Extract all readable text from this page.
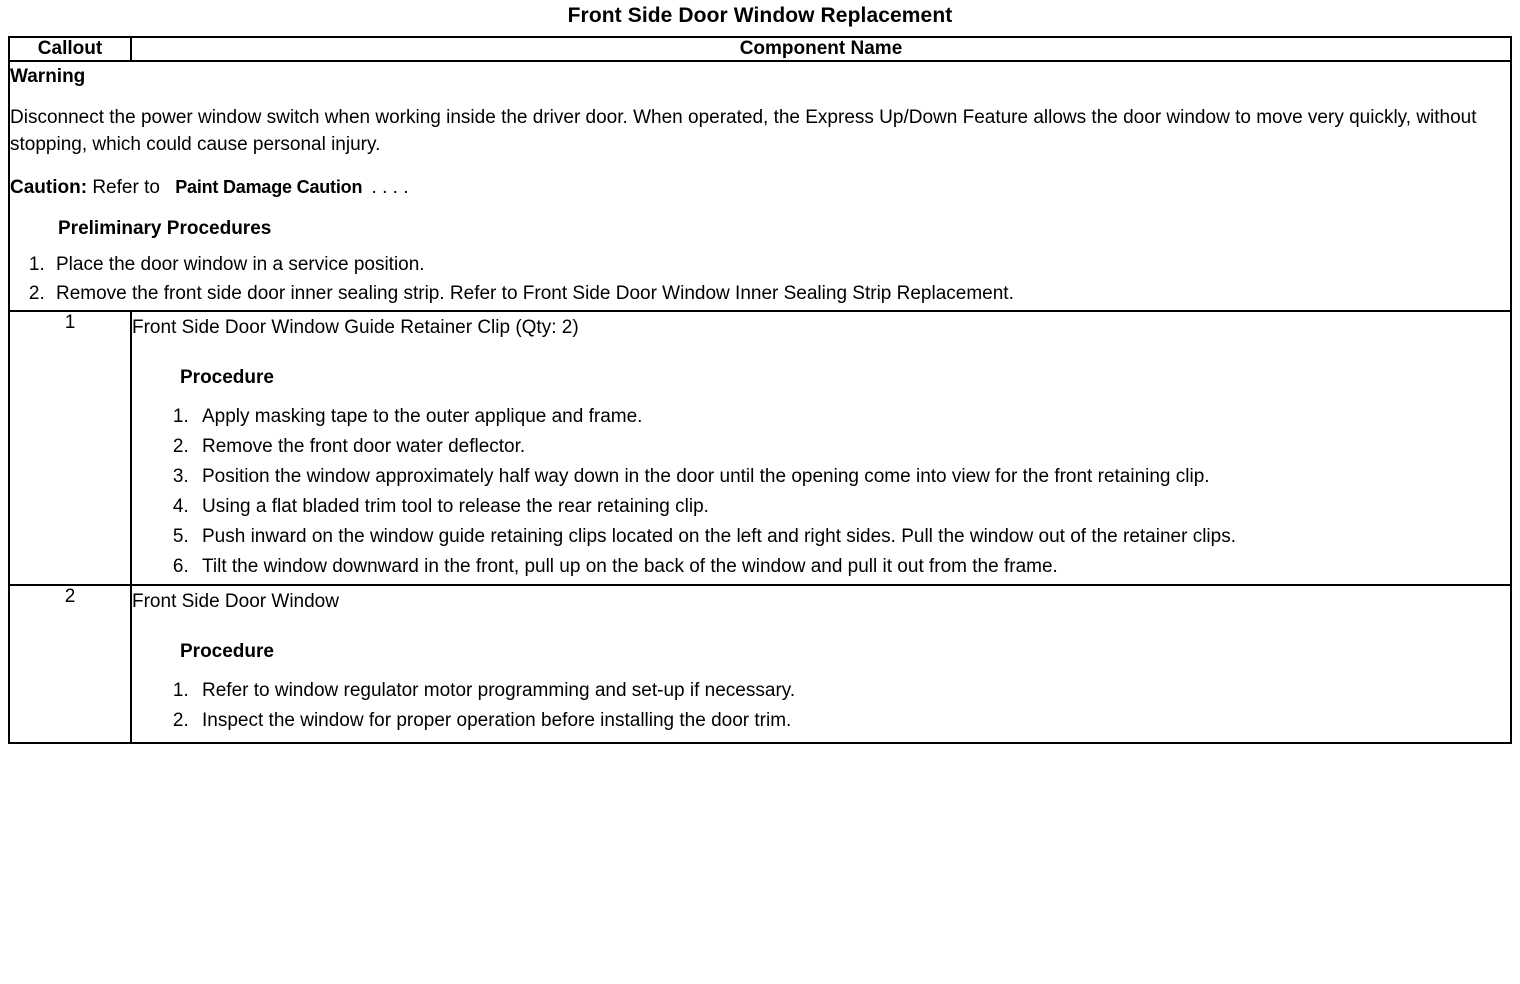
Front Side Door Window Replacement
Callout	Component Name

Warning
Disconnect the power window switch when working inside the driver door. When operated, the Express Up/Down Feature allows the door window to move very quickly, without stopping, which could cause personal injury.
Caution: Refer to Paint Damage Caution . . . .
Preliminary Procedures
1. Place the door window in a service position.
2. Remove the front side door inner sealing strip. Refer to Front Side Door Window Inner Sealing Strip Replacement.

1	Front Side Door Window Guide Retainer Clip (Qty: 2)
Procedure
1. Apply masking tape to the outer applique and frame.
2. Remove the front door water deflector.
3. Position the window approximately half way down in the door until the opening come into view for the front retaining clip.
4. Using a flat bladed trim tool to release the rear retaining clip.
5. Push inward on the window guide retaining clips located on the left and right sides. Pull the window out of the retainer clips.
6. Tilt the window downward in the front, pull up on the back of the window and pull it out from the frame.

2	Front Side Door Window
Procedure
1. Refer to window regulator motor programming and set-up if necessary.
2. Inspect the window for proper operation before installing the door trim.
